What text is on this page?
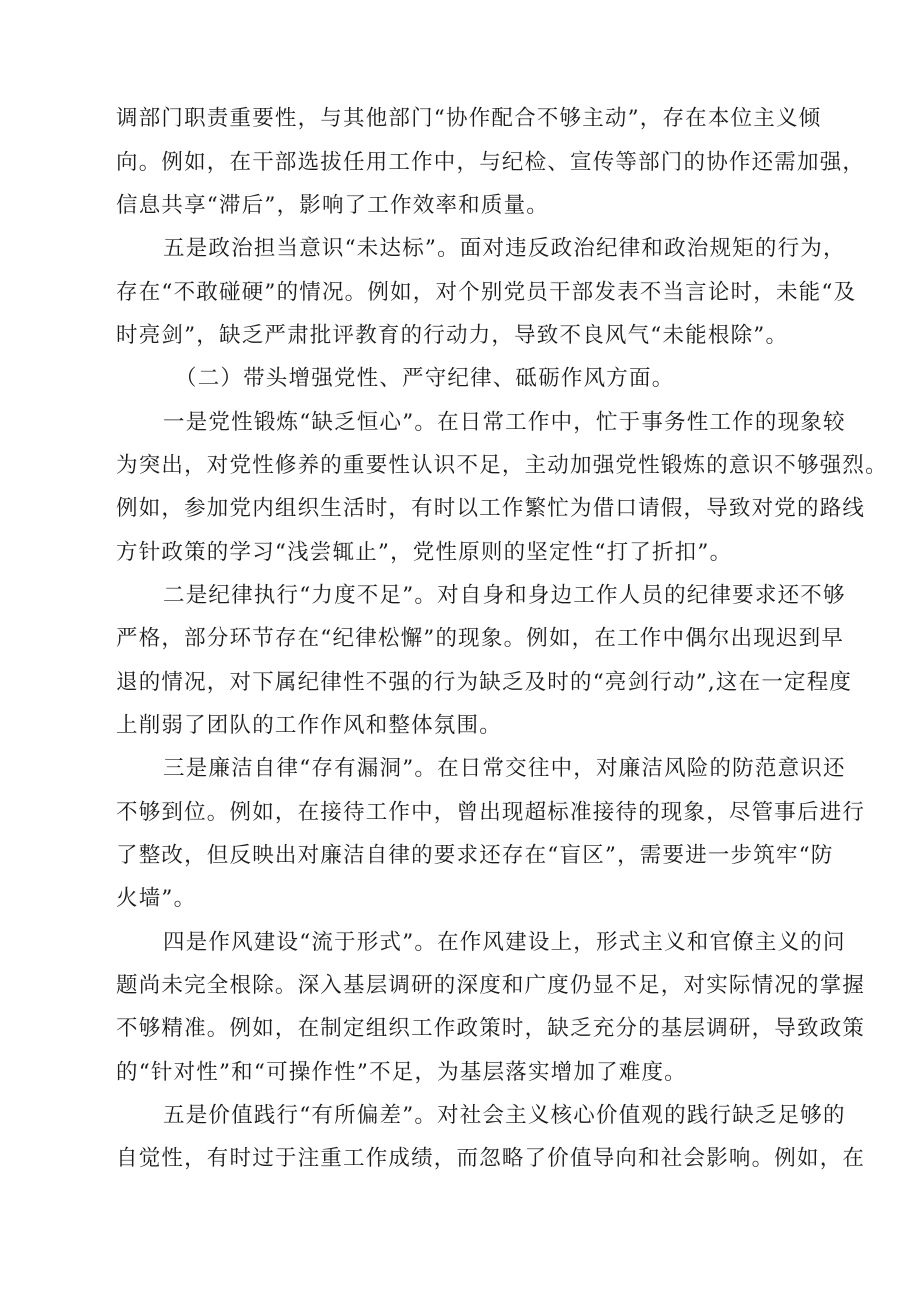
调部门职责重要性，与其他部门“协作配合不够主动”，存在本位主义倾
向。例如，在干部选拔任用工作中，与纪检、宣传等部门的协作还需加强，
信息共享“滞后”，影响了工作效率和质量。
五是政治担当意识“未达标”。面对违反政治纪律和政治规矩的行为，
存在“不敢碰硬”的情况。例如，对个别党员干部发表不当言论时，未能“及
时亮剑”，缺乏严肃批评教育的行动力，导致不良风气“未能根除”。
（二）带头增强党性、严守纪律、砥砺作风方面。
一是党性锻炼“缺乏恒心”。在日常工作中，忙于事务性工作的现象较
为突出，对党性修养的重要性认识不足，主动加强党性锻炼的意识不够强烈。
例如，参加党内组织生活时，有时以工作繁忙为借口请假，导致对党的路线
方针政策的学习“浅尝辄止”，党性原则的坚定性“打了折扣”。
二是纪律执行“力度不足”。对自身和身边工作人员的纪律要求还不够
严格，部分环节存在“纪律松懈”的现象。例如，在工作中偶尔出现迟到早
退的情况，对下属纪律性不强的行为缺乏及时的“亮剑行动”,这在一定程度
上削弱了团队的工作作风和整体氛围。
三是廉洁自律“存有漏洞”。在日常交往中，对廉洁风险的防范意识还
不够到位。例如，在接待工作中，曾出现超标准接待的现象，尽管事后进行
了整改，但反映出对廉洁自律的要求还存在“盲区”，需要进一步筑牢“防
火墙”。
四是作风建设“流于形式”。在作风建设上，形式主义和官僚主义的问
题尚未完全根除。深入基层调研的深度和广度仍显不足，对实际情况的掌握
不够精准。例如，在制定组织工作政策时，缺乏充分的基层调研，导致政策
的“针对性”和“可操作性”不足，为基层落实增加了难度。
五是价值践行“有所偏差”。对社会主义核心价值观的践行缺乏足够的
自觉性，有时过于注重工作成绩，而忽略了价值导向和社会影响。例如，在
